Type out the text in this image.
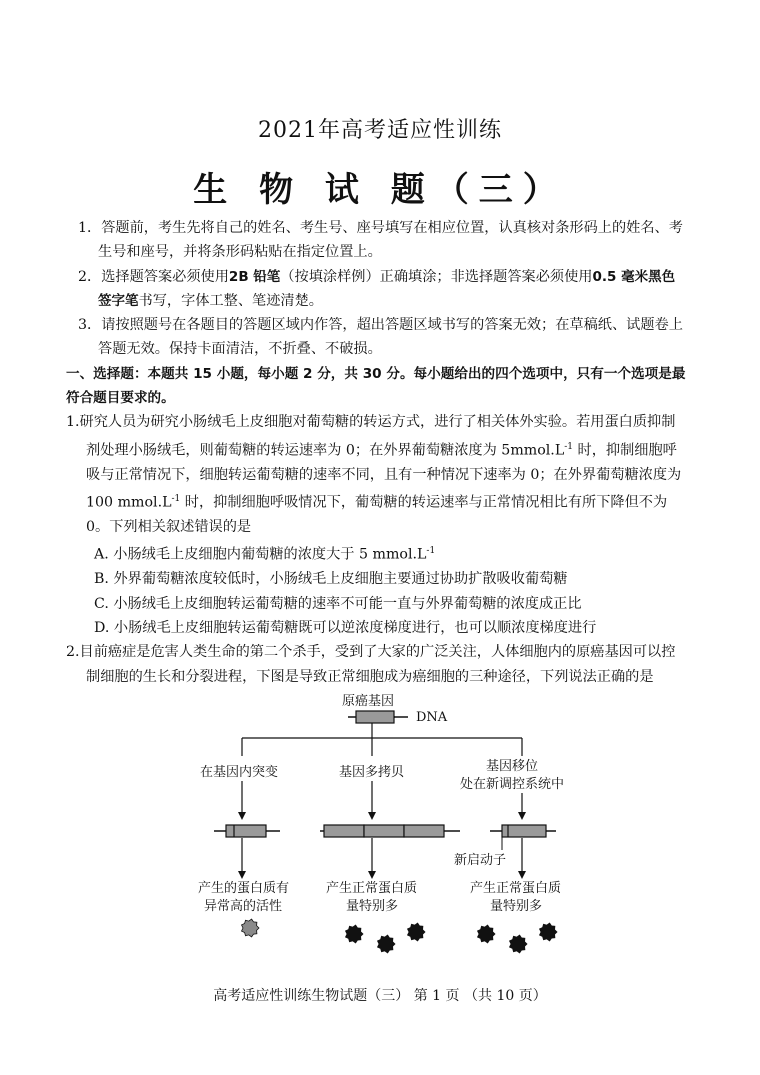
2021年高考适应性训练
生 物 试 题（三）
1．答题前，考生先将自己的姓名、考生号、座号填写在相应位置，认真核对条形码上的姓名、考生号和座号，并将条形码粘贴在指定位置上。
2．选择题答案必须使用2B 铅笔（按填涂样例）正确填涂；非选择题答案必须使用0.5 毫米黑色签字笔书写，字体工整、笔迹清楚。
3．请按照题号在各题目的答题区域内作答，超出答题区域书写的答案无效；在草稿纸、试题卷上答题无效。保持卡面清洁，不折叠、不破损。
一、选择题：本题共 15 小题，每小题 2 分，共 30 分。每小题给出的四个选项中，只有一个选项是最符合题目要求的。
1.研究人员为研究小肠绒毛上皮细胞对葡萄糖的转运方式，进行了相关体外实验。若用蛋白质抑制剂处理小肠绒毛，则葡萄糖的转运速率为 0；在外界葡萄糖浓度为 $5mmol.L^{-1}$ 时，抑制细胞呼吸与正常情况下，细胞转运葡萄糖的速率不同，且有一种情况下速率为 0；在外界葡萄糖浓度为 100 $mmol.L^{-1}$ 时，抑制细胞呼吸情况下，葡萄糖的转运速率与正常情况相比有所下降但不为 0。下列相关叙述错误的是
A. 小肠绒毛上皮细胞内葡萄糖的浓度大于 5 $mmol.L^{-1}$
B. 外界葡萄糖浓度较低时，小肠绒毛上皮细胞主要通过协助扩散吸收葡萄糖
C. 小肠绒毛上皮细胞转运葡萄糖的速率不可能一直与外界葡萄糖的浓度成正比
D. 小肠绒毛上皮细胞转运葡萄糖既可以逆浓度梯度进行，也可以顺浓度梯度进行
2.目前癌症是危害人类生命的第二个杀手，受到了大家的广泛关注，人体细胞内的原癌基因可以控制细胞的生长和分裂进程，下图是导致正常细胞成为癌细胞的三种途径，下列说法正确的是
原癌基因
DNA
在基因内突变	基因多拷贝	基因移位
处在新调控系统中
新启动子
产生的蛋白质有
异常高的活性
产生正常蛋白质
量特别多
产生正常蛋白质
量特别多
高考适应性训练生物试题（三） 第 1 页 （共 10 页）
